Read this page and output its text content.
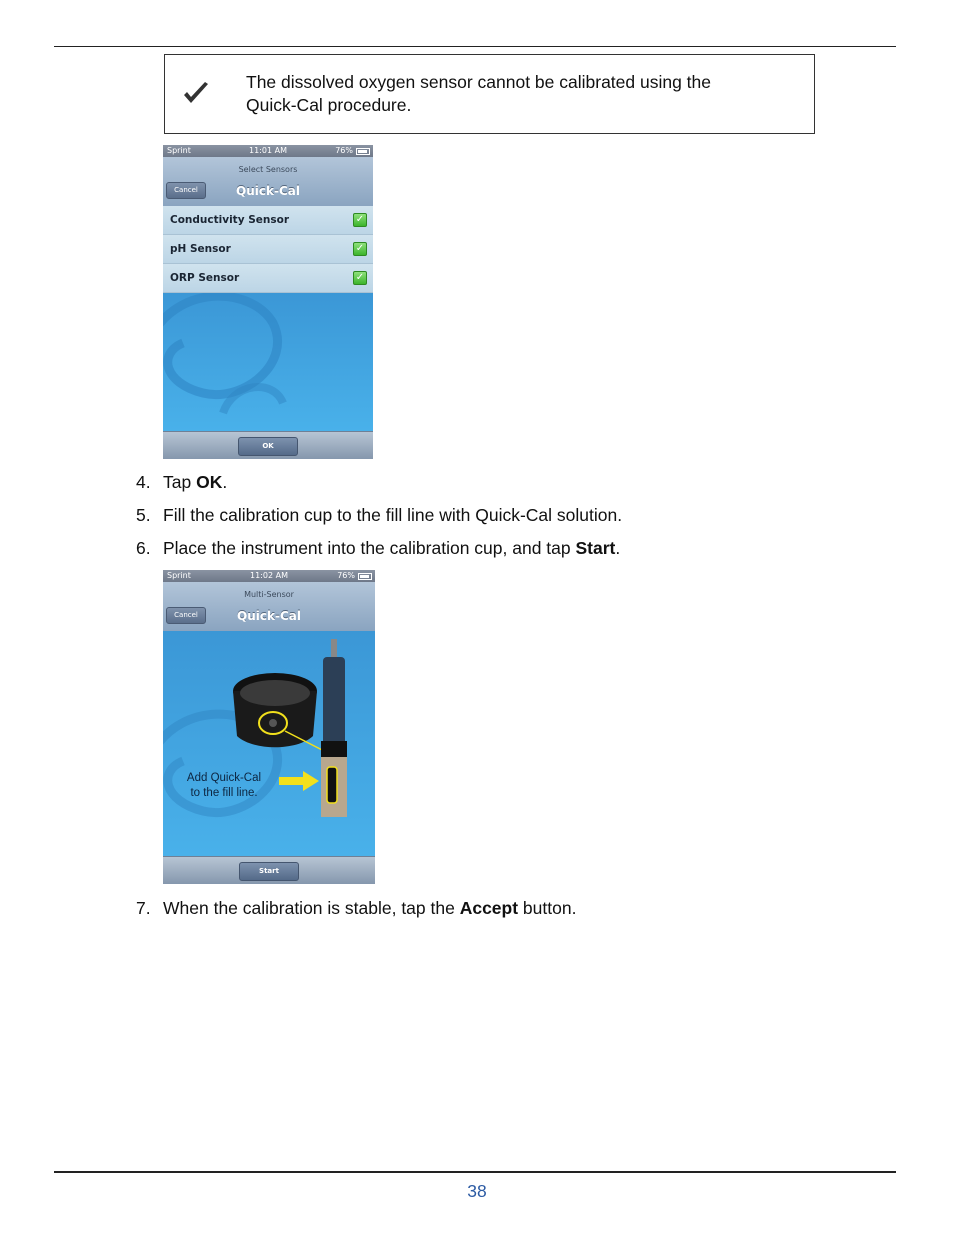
The dissolved oxygen sensor cannot be calibrated using the
Quick-Cal procedure.
Sprint	11:01 AM	76%
Select Sensors
Quick-Cal
Cancel
Conductivity Sensor	✓
pH Sensor	✓
ORP Sensor	✓
OK
4. Tap OK.
5. Fill the calibration cup to the fill line with Quick-Cal solution.
6. Place the instrument into the calibration cup, and tap Start.
Sprint	11:02 AM	76%
Multi-Sensor
Quick-Cal
Cancel
Add Quick-Cal
to the fill line.
Start
7. When the calibration is stable, tap the Accept button.
38
